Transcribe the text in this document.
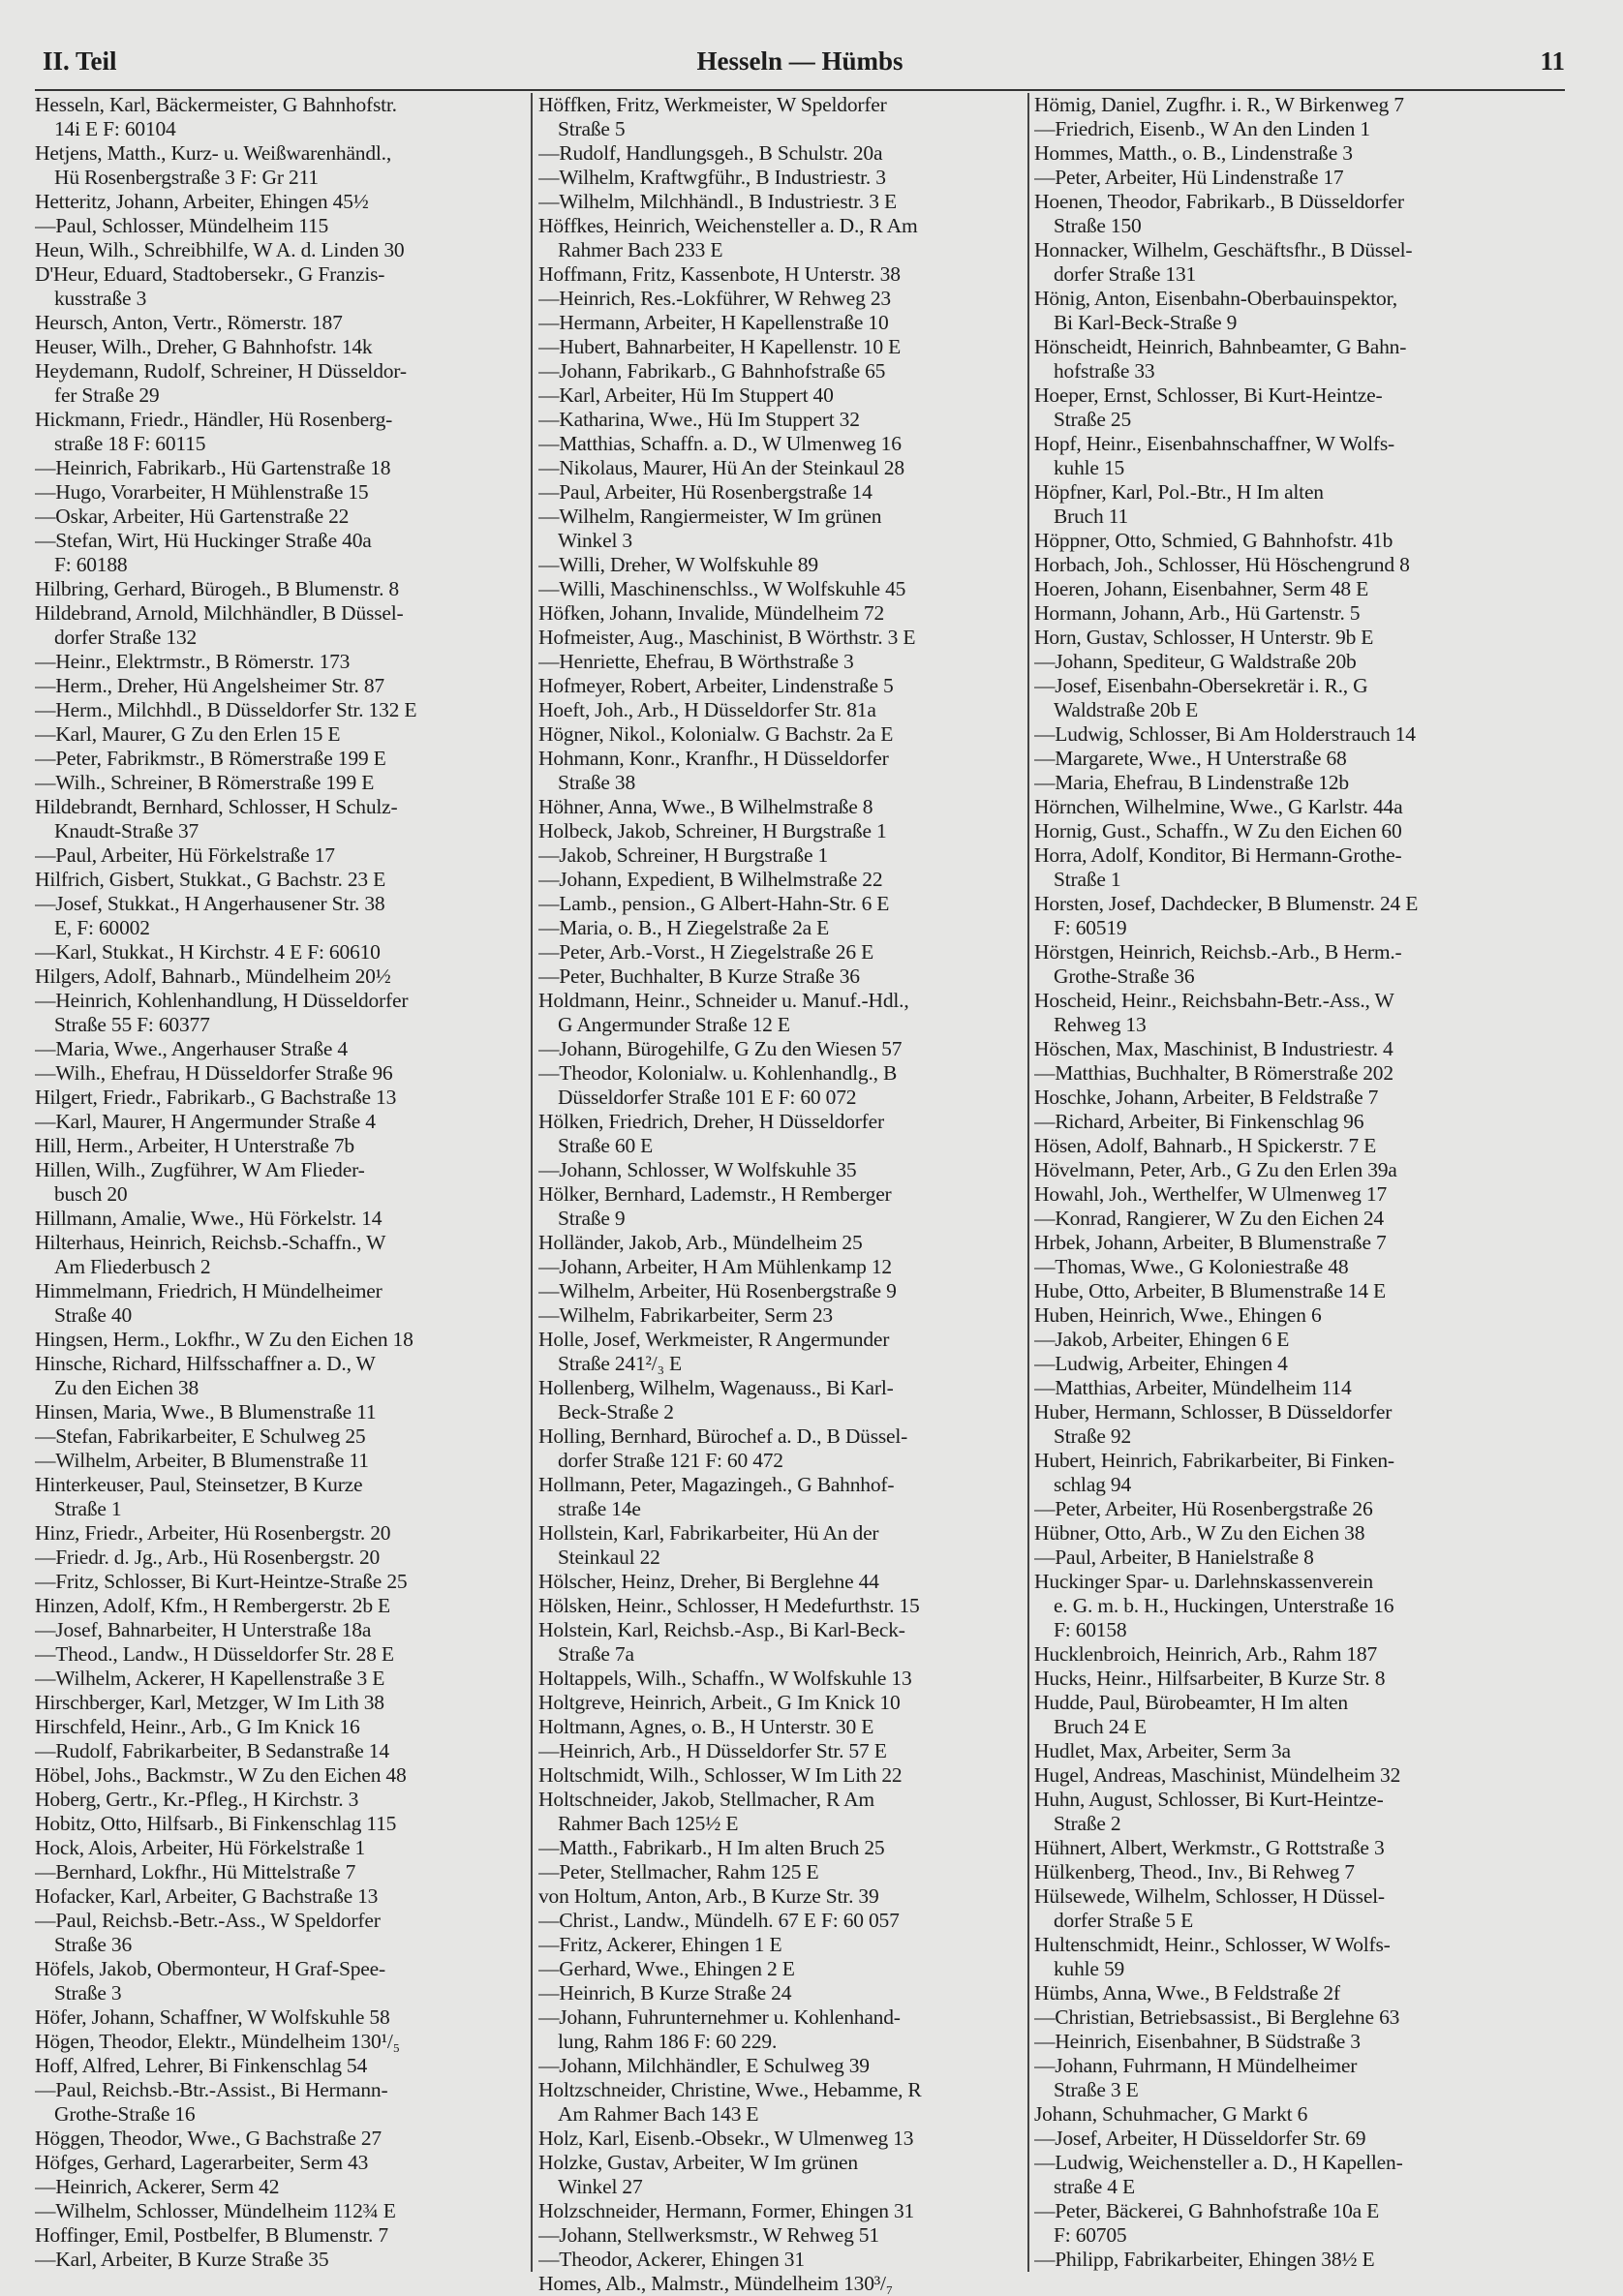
II. Teil	Hesseln — Hümbs	11
Hesseln, Karl, Bäckermeister, G Bahnhofstr.
14i E F: 60104
Hetjens, Matth., Kurz- u. Weißwarenhändl.,
Hü Rosenbergstraße 3 F: Gr 211
Hetteritz, Johann, Arbeiter, Ehingen 45½
—Paul, Schlosser, Mündelheim 115
Heun, Wilh., Schreibhilfe, W A. d. Linden 30
D'Heur, Eduard, Stadtobersekr., G Franzis-
kusstraße 3
Heursch, Anton, Vertr., Römerstr. 187
Heuser, Wilh., Dreher, G Bahnhofstr. 14k
Heydemann, Rudolf, Schreiner, H Düsseldor-
fer Straße 29
Hickmann, Friedr., Händler, Hü Rosenberg-
straße 18 F: 60115
—Heinrich, Fabrikarb., Hü Gartenstraße 18
—Hugo, Vorarbeiter, H Mühlenstraße 15
—Oskar, Arbeiter, Hü Gartenstraße 22
—Stefan, Wirt, Hü Huckinger Straße 40a
F: 60188
Hilbring, Gerhard, Bürogeh., B Blumenstr. 8
Hildebrand, Arnold, Milchhändler, B Düssel-
dorfer Straße 132
—Heinr., Elektrmstr., B Römerstr. 173
—Herm., Dreher, Hü Angelsheimer Str. 87
—Herm., Milchhdl., B Düsseldorfer Str. 132 E
—Karl, Maurer, G Zu den Erlen 15 E
—Peter, Fabrikmstr., B Römerstraße 199 E
—Wilh., Schreiner, B Römerstraße 199 E
Hildebrandt, Bernhard, Schlosser, H Schulz-
Knaudt-Straße 37
—Paul, Arbeiter, Hü Förkelstraße 17
Hilfrich, Gisbert, Stukkat., G Bachstr. 23 E
—Josef, Stukkat., H Angerhausener Str. 38
E, F: 60002
—Karl, Stukkat., H Kirchstr. 4 E F: 60610
Hilgers, Adolf, Bahnarb., Mündelheim 20½
—Heinrich, Kohlenhandlung, H Düsseldorfer
Straße 55 F: 60377
—Maria, Wwe., Angerhauser Straße 4
—Wilh., Ehefrau, H Düsseldorfer Straße 96
Hilgert, Friedr., Fabrikarb., G Bachstraße 13
—Karl, Maurer, H Angermunder Straße 4
Hill, Herm., Arbeiter, H Unterstraße 7b
Hillen, Wilh., Zugführer, W Am Flieder-
busch 20
Hillmann, Amalie, Wwe., Hü Förkelstr. 14
Hilterhaus, Heinrich, Reichsb.-Schaffn., W
Am Fliederbusch 2
Himmelmann, Friedrich, H Mündelheimer
Straße 40
Hingsen, Herm., Lokfhr., W Zu den Eichen 18
Hinsche, Richard, Hilfsschaffner a. D., W
Zu den Eichen 38
Hinsen, Maria, Wwe., B Blumenstraße 11
—Stefan, Fabrikarbeiter, E Schulweg 25
—Wilhelm, Arbeiter, B Blumenstraße 11
Hinterkeuser, Paul, Steinsetzer, B Kurze
Straße 1
Hinz, Friedr., Arbeiter, Hü Rosenbergstr. 20
—Friedr. d. Jg., Arb., Hü Rosenbergstr. 20
—Fritz, Schlosser, Bi Kurt-Heintze-Straße 25
Hinzen, Adolf, Kfm., H Rembergerstr. 2b E
—Josef, Bahnarbeiter, H Unterstraße 18a
—Theod., Landw., H Düsseldorfer Str. 28 E
—Wilhelm, Ackerer, H Kapellenstraße 3 E
Hirschberger, Karl, Metzger, W Im Lith 38
Hirschfeld, Heinr., Arb., G Im Knick 16
—Rudolf, Fabrikarbeiter, B Sedanstraße 14
Höbel, Johs., Backmstr., W Zu den Eichen 48
Hoberg, Gertr., Kr.-Pfleg., H Kirchstr. 3
Hobitz, Otto, Hilfsarb., Bi Finkenschlag 115
Hock, Alois, Arbeiter, Hü Förkelstraße 1
—Bernhard, Lokfhr., Hü Mittelstraße 7
Hofacker, Karl, Arbeiter, G Bachstraße 13
—Paul, Reichsb.-Betr.-Ass., W Speldorfer
Straße 36
Höfels, Jakob, Obermonteur, H Graf-Spee-
Straße 3
Höfer, Johann, Schaffner, W Wolfskuhle 58
Högen, Theodor, Elektr., Mündelheim 130¹/₅
Hoff, Alfred, Lehrer, Bi Finkenschlag 54
—Paul, Reichsb.-Btr.-Assist., Bi Hermann-
Grothe-Straße 16
Höggen, Theodor, Wwe., G Bachstraße 27
Höfges, Gerhard, Lagerarbeiter, Serm 43
—Heinrich, Ackerer, Serm 42
—Wilhelm, Schlosser, Mündelheim 112¾ E
Hoffinger, Emil, Postbelfer, B Blumenstr. 7
—Karl, Arbeiter, B Kurze Straße 35
Höffken, Fritz, Werkmeister, W Speldorfer
Straße 5
—Rudolf, Handlungsgeh., B Schulstr. 20a
—Wilhelm, Kraftwgführ., B Industriestr. 3
—Wilhelm, Milchhändl., B Industriestr. 3 E
Höffkes, Heinrich, Weichensteller a. D., R Am
Rahmer Bach 233 E
Hoffmann, Fritz, Kassenbote, H Unterstr. 38
—Heinrich, Res.-Lokführer, W Rehweg 23
—Hermann, Arbeiter, H Kapellenstraße 10
—Hubert, Bahnarbeiter, H Kapellenstr. 10 E
—Johann, Fabrikarb., G Bahnhofstraße 65
—Karl, Arbeiter, Hü Im Stuppert 40
—Katharina, Wwe., Hü Im Stuppert 32
—Matthias, Schaffn. a. D., W Ulmenweg 16
—Nikolaus, Maurer, Hü An der Steinkaul 28
—Paul, Arbeiter, Hü Rosenbergstraße 14
—Wilhelm, Rangiermeister, W Im grünen
Winkel 3
—Willi, Dreher, W Wolfskuhle 89
—Willi, Maschinenschlss., W Wolfskuhle 45
Höfken, Johann, Invalide, Mündelheim 72
Hofmeister, Aug., Maschinist, B Wörthstr. 3 E
—Henriette, Ehefrau, B Wörthstraße 3
Hofmeyer, Robert, Arbeiter, Lindenstraße 5
Hoeft, Joh., Arb., H Düsseldorfer Str. 81a
Högner, Nikol., Kolonialw. G Bachstr. 2a E
Hohmann, Konr., Kranfhr., H Düsseldorfer
Straße 38
Höhner, Anna, Wwe., B Wilhelmstraße 8
Holbeck, Jakob, Schreiner, H Burgstraße 1
—Jakob, Schreiner, H Burgstraße 1
—Johann, Expedient, B Wilhelmstraße 22
—Lamb., pension., G Albert-Hahn-Str. 6 E
—Maria, o. B., H Ziegelstraße 2a E
—Peter, Arb.-Vorst., H Ziegelstraße 26 E
—Peter, Buchhalter, B Kurze Straße 36
Holdmann, Heinr., Schneider u. Manuf.-Hdl.,
G Angermunder Straße 12 E
—Johann, Bürogehilfe, G Zu den Wiesen 57
—Theodor, Kolonialw. u. Kohlenhandlg., B
Düsseldorfer Straße 101 E F: 60 072
Hölken, Friedrich, Dreher, H Düsseldorfer
Straße 60 E
—Johann, Schlosser, W Wolfskuhle 35
Hölker, Bernhard, Lademstr., H Remberger
Straße 9
Holländer, Jakob, Arb., Mündelheim 25
—Johann, Arbeiter, H Am Mühlenkamp 12
—Wilhelm, Arbeiter, Hü Rosenbergstraße 9
—Wilhelm, Fabrikarbeiter, Serm 23
Holle, Josef, Werkmeister, R Angermunder
Straße 241²/₃ E
Hollenberg, Wilhelm, Wagenauss., Bi Karl-
Beck-Straße 2
Holling, Bernhard, Bürochef a. D., B Düssel-
dorfer Straße 121 F: 60 472
Hollmann, Peter, Magazingeh., G Bahnhof-
straße 14e
Hollstein, Karl, Fabrikarbeiter, Hü An der
Steinkaul 22
Hölscher, Heinz, Dreher, Bi Berglehne 44
Hölsken, Heinr., Schlosser, H Medefurthstr. 15
Holstein, Karl, Reichsb.-Asp., Bi Karl-Beck-
Straße 7a
Holtappels, Wilh., Schaffn., W Wolfskuhle 13
Holtgreve, Heinrich, Arbeit., G Im Knick 10
Holtmann, Agnes, o. B., H Unterstr. 30 E
—Heinrich, Arb., H Düsseldorfer Str. 57 E
Holtschmidt, Wilh., Schlosser, W Im Lith 22
Holtschneider, Jakob, Stellmacher, R Am
Rahmer Bach 125½ E
—Matth., Fabrikarb., H Im alten Bruch 25
—Peter, Stellmacher, Rahm 125 E
von Holtum, Anton, Arb., B Kurze Str. 39
—Christ., Landw., Mündelh. 67 E F: 60 057
—Fritz, Ackerer, Ehingen 1 E
—Gerhard, Wwe., Ehingen 2 E
—Heinrich, B Kurze Straße 24
—Johann, Fuhrunternehmer u. Kohlenhand-
lung, Rahm 186 F: 60 229.
—Johann, Milchhändler, E Schulweg 39
Holtzschneider, Christine, Wwe., Hebamme, R
Am Rahmer Bach 143 E
Holz, Karl, Eisenb.-Obsekr., W Ulmenweg 13
Holzke, Gustav, Arbeiter, W Im grünen
Winkel 27
Holzschneider, Hermann, Former, Ehingen 31
—Johann, Stellwerksmstr., W Rehweg 51
—Theodor, Ackerer, Ehingen 31
Homes, Alb., Malmstr., Mündelheim 130³/₇
Hömig, Daniel, Zugfhr. i. R., W Birkenweg 7
—Friedrich, Eisenb., W An den Linden 1
Hommes, Matth., o. B., Lindenstraße 3
—Peter, Arbeiter, Hü Lindenstraße 17
Hoenen, Theodor, Fabrikarb., B Düsseldorfer
Straße 150
Honnacker, Wilhelm, Geschäftsfhr., B Düssel-
dorfer Straße 131
Hönig, Anton, Eisenbahn-Oberbauinspektor,
Bi Karl-Beck-Straße 9
Hönscheidt, Heinrich, Bahnbeamter, G Bahn-
hofstraße 33
Hoeper, Ernst, Schlosser, Bi Kurt-Heintze-
Straße 25
Hopf, Heinr., Eisenbahnschaffner, W Wolfs-
kuhle 15
Höpfner, Karl, Pol.-Btr., H Im alten
Bruch 11
Höppner, Otto, Schmied, G Bahnhofstr. 41b
Horbach, Joh., Schlosser, Hü Höschengrund 8
Hoeren, Johann, Eisenbahner, Serm 48 E
Hormann, Johann, Arb., Hü Gartenstr. 5
Horn, Gustav, Schlosser, H Unterstr. 9b E
—Johann, Spediteur, G Waldstraße 20b
—Josef, Eisenbahn-Obersekretär i. R., G
Waldstraße 20b E
—Ludwig, Schlosser, Bi Am Holderstrauch 14
—Margarete, Wwe., H Unterstraße 68
—Maria, Ehefrau, B Lindenstraße 12b
Hörnchen, Wilhelmine, Wwe., G Karlstr. 44a
Hornig, Gust., Schaffn., W Zu den Eichen 60
Horra, Adolf, Konditor, Bi Hermann-Grothe-
Straße 1
Horsten, Josef, Dachdecker, B Blumenstr. 24 E
F: 60519
Hörstgen, Heinrich, Reichsb.-Arb., B Herm.-
Grothe-Straße 36
Hoscheid, Heinr., Reichsbahn-Betr.-Ass., W
Rehweg 13
Höschen, Max, Maschinist, B Industriestr. 4
—Matthias, Buchhalter, B Römerstraße 202
Hoschke, Johann, Arbeiter, B Feldstraße 7
—Richard, Arbeiter, Bi Finkenschlag 96
Hösen, Adolf, Bahnarb., H Spickerstr. 7 E
Hövelmann, Peter, Arb., G Zu den Erlen 39a
Howahl, Joh., Werthelfer, W Ulmenweg 17
—Konrad, Rangierer, W Zu den Eichen 24
Hrbek, Johann, Arbeiter, B Blumenstraße 7
—Thomas, Wwe., G Koloniestraße 48
Hube, Otto, Arbeiter, B Blumenstraße 14 E
Huben, Heinrich, Wwe., Ehingen 6
—Jakob, Arbeiter, Ehingen 6 E
—Ludwig, Arbeiter, Ehingen 4
—Matthias, Arbeiter, Mündelheim 114
Huber, Hermann, Schlosser, B Düsseldorfer
Straße 92
Hubert, Heinrich, Fabrikarbeiter, Bi Finken-
schlag 94
—Peter, Arbeiter, Hü Rosenbergstraße 26
Hübner, Otto, Arb., W Zu den Eichen 38
—Paul, Arbeiter, B Hanielstraße 8
Huckinger Spar- u. Darlehnskassenverein
e. G. m. b. H., Huckingen, Unterstraße 16
F: 60158
Hucklenbroich, Heinrich, Arb., Rahm 187
Hucks, Heinr., Hilfsarbeiter, B Kurze Str. 8
Hudde, Paul, Bürobeamter, H Im alten
Bruch 24 E
Hudlet, Max, Arbeiter, Serm 3a
Hugel, Andreas, Maschinist, Mündelheim 32
Huhn, August, Schlosser, Bi Kurt-Heintze-
Straße 2
Hühnert, Albert, Werkmstr., G Rottstraße 3
Hülkenberg, Theod., Inv., Bi Rehweg 7
Hülsewede, Wilhelm, Schlosser, H Düssel-
dorfer Straße 5 E
Hultenschmidt, Heinr., Schlosser, W Wolfs-
kuhle 59
Hümbs, Anna, Wwe., B Feldstraße 2f
—Christian, Betriebsassist., Bi Berglehne 63
—Heinrich, Eisenbahner, B Südstraße 3
—Johann, Fuhrmann, H Mündelheimer
Straße 3 E
Johann, Schuhmacher, G Markt 6
—Josef, Arbeiter, H Düsseldorfer Str. 69
—Ludwig, Weichensteller a. D., H Kapellen-
straße 4 E
—Peter, Bäckerei, G Bahnhofstraße 10a E
F: 60705
—Philipp, Fabrikarbeiter, Ehingen 38½ E
